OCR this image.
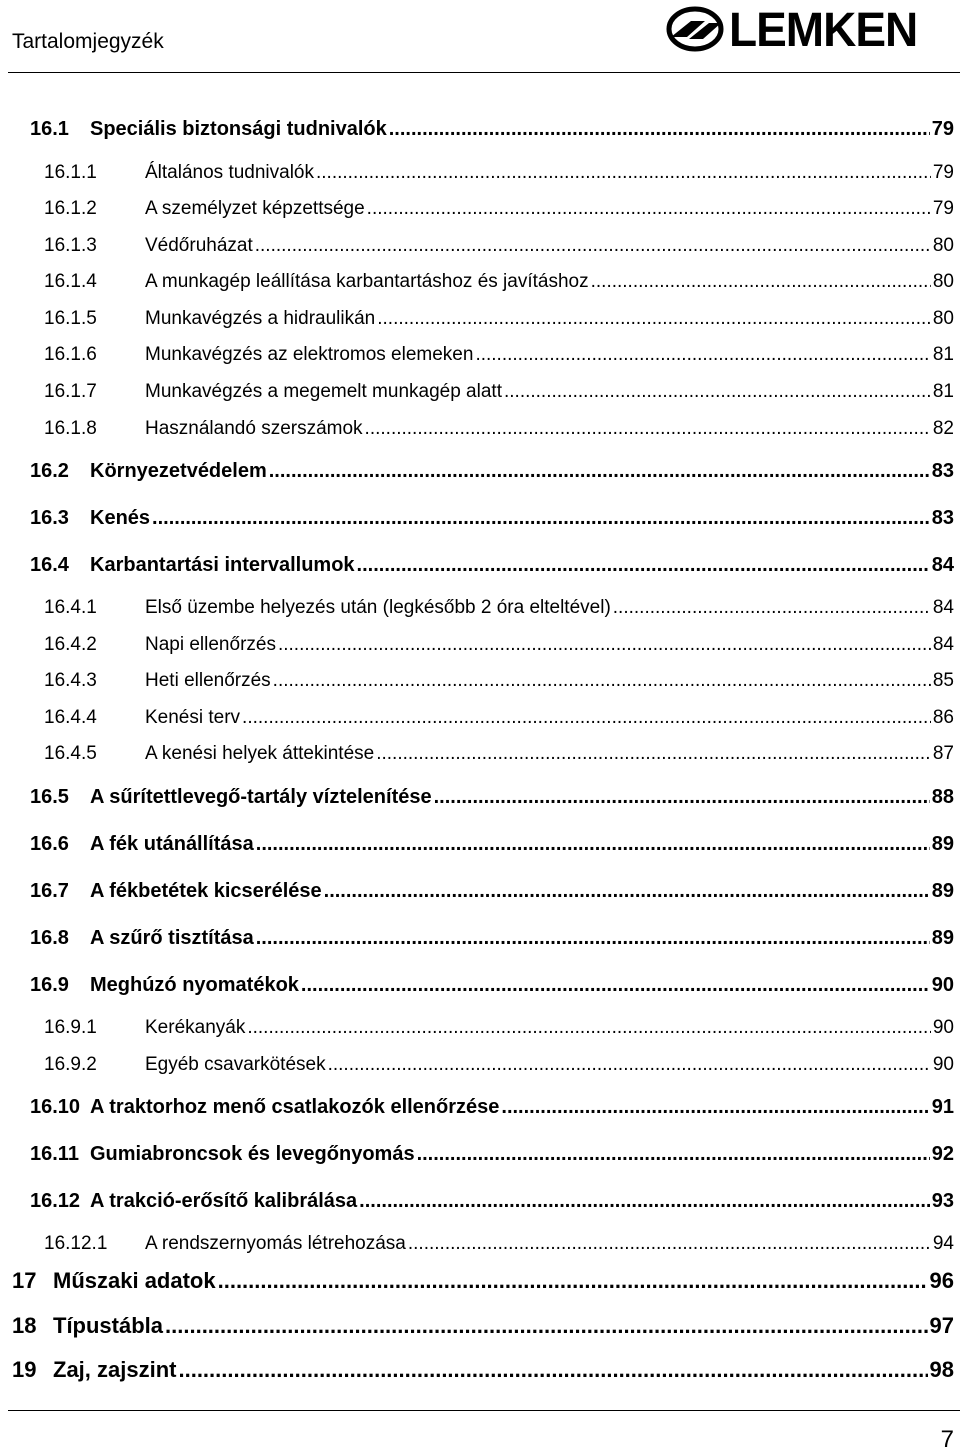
Tartalomjegyzék	LEMKEN
16.1	Speciális biztonsági tudnivalók .....	79
16.1.1	Általános tudnivalók .....	79
16.1.2	A személyzet képzettsége .....	79
16.1.3	Védőruházat .....	80
16.1.4	A munkagép leállítása karbantartáshoz és javításhoz .....	80
16.1.5	Munkavégzés a hidraulikán .....	80
16.1.6	Munkavégzés az elektromos elemeken .....	81
16.1.7	Munkavégzés a megemelt munkagép alatt .....	81
16.1.8	Használandó szerszámok .....	82
16.2	Környezetvédelem .....	83
16.3	Kenés .....	83
16.4	Karbantartási intervallumok .....	84
16.4.1	Első üzembe helyezés után (legkésőbb 2 óra elteltével) .....	84
16.4.2	Napi ellenőrzés .....	84
16.4.3	Heti ellenőrzés .....	85
16.4.4	Kenési terv .....	86
16.4.5	A kenési helyek áttekintése .....	87
16.5	A sűrítettlevegő-tartály víztelenítése .....	88
16.6	A fék utánállítása .....	89
16.7	A fékbetétek kicserélése .....	89
16.8	A szűrő tisztítása .....	89
16.9	Meghúzó nyomatékok .....	90
16.9.1	Kerékanyák .....	90
16.9.2	Egyéb csavarkötések .....	90
16.10 A traktorhoz menő csatlakozók ellenőrzése .....	91
16.11 Gumiabroncsok és levegőnyomás .....	92
16.12 A trakció-erősítő kalibrálása .....	93
16.12.1	A rendszernyomás létrehozása .....	94
17 Műszaki adatok .....	96
18 Típustábla .....	97
19 Zaj, zajszint .....	98
7
